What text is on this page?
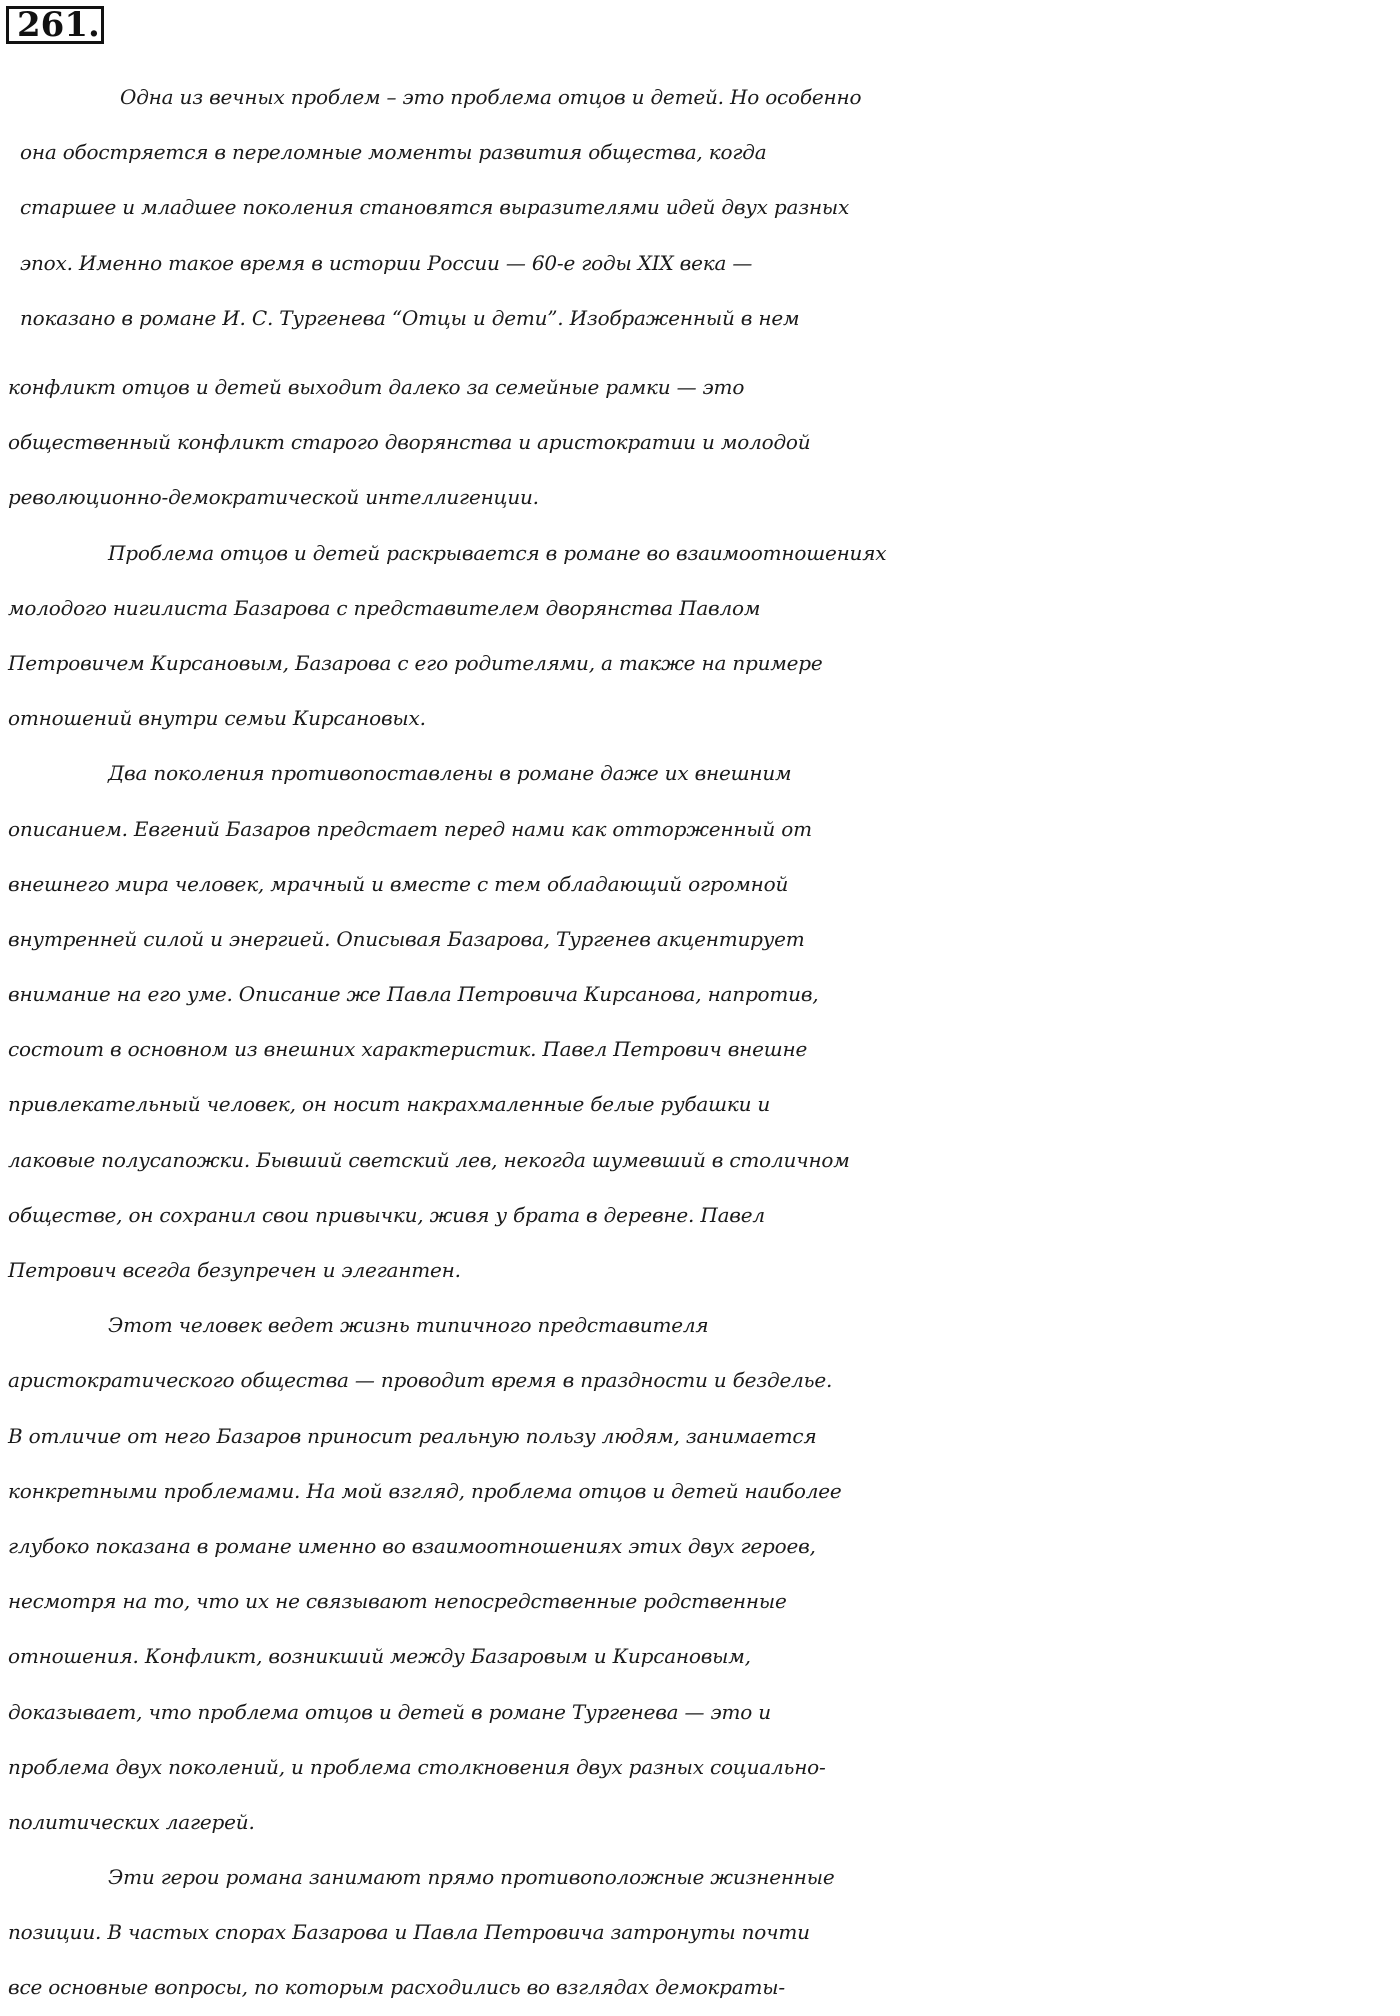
261.
Одна из вечных проблем – это проблема отцов и детей. Но особенно
она обостряется в переломные моменты развития общества, когда
старшее и младшее поколения становятся выразителями идей двух разных
эпох. Именно такое время в истории России — 60-е годы XIX века —
показано в романе И. С. Тургенева “Отцы и дети”. Изображенный в нем
конфликт отцов и детей выходит далеко за семейные рамки — это
общественный конфликт старого дворянства и аристократии и молодой
революционно-демократической интеллигенции.
Проблема отцов и детей раскрывается в романе во взаимоотношениях
молодого нигилиста Базарова с представителем дворянства Павлом
Петровичем Кирсановым, Базарова с его родителями, а также на примере
отношений внутри семьи Кирсановых.
Два поколения противопоставлены в романе даже их внешним
описанием. Евгений Базаров предстает перед нами как отторженный от
внешнего мира человек, мрачный и вместе с тем обладающий огромной
внутренней силой и энергией. Описывая Базарова, Тургенев акцентирует
внимание на его уме. Описание же Павла Петровича Кирсанова, напротив,
состоит в основном из внешних характеристик. Павел Петрович внешне
привлекательный человек, он носит накрахмаленные белые рубашки и
лаковые полусапожки. Бывший светский лев, некогда шумевший в столичном
обществе, он сохранил свои привычки, живя у брата в деревне. Павел
Петрович всегда безупречен и элегантен.
Этот человек ведет жизнь типичного представителя
аристократического общества — проводит время в праздности и безделье.
В отличие от него Базаров приносит реальную пользу людям, занимается
конкретными проблемами. На мой взгляд, проблема отцов и детей наиболее
глубоко показана в романе именно во взаимоотношениях этих двух героев,
несмотря на то, что их не связывают непосредственные родственные
отношения. Конфликт, возникший между Базаровым и Кирсановым,
доказывает, что проблема отцов и детей в романе Тургенева — это и
проблема двух поколений, и проблема столкновения двух разных социально-
политических лагерей.
Эти герои романа занимают прямо противоположные жизненные
позиции. В частых спорах Базарова и Павла Петровича затронуты почти
все основные вопросы, по которым расходились во взглядах демократы-
